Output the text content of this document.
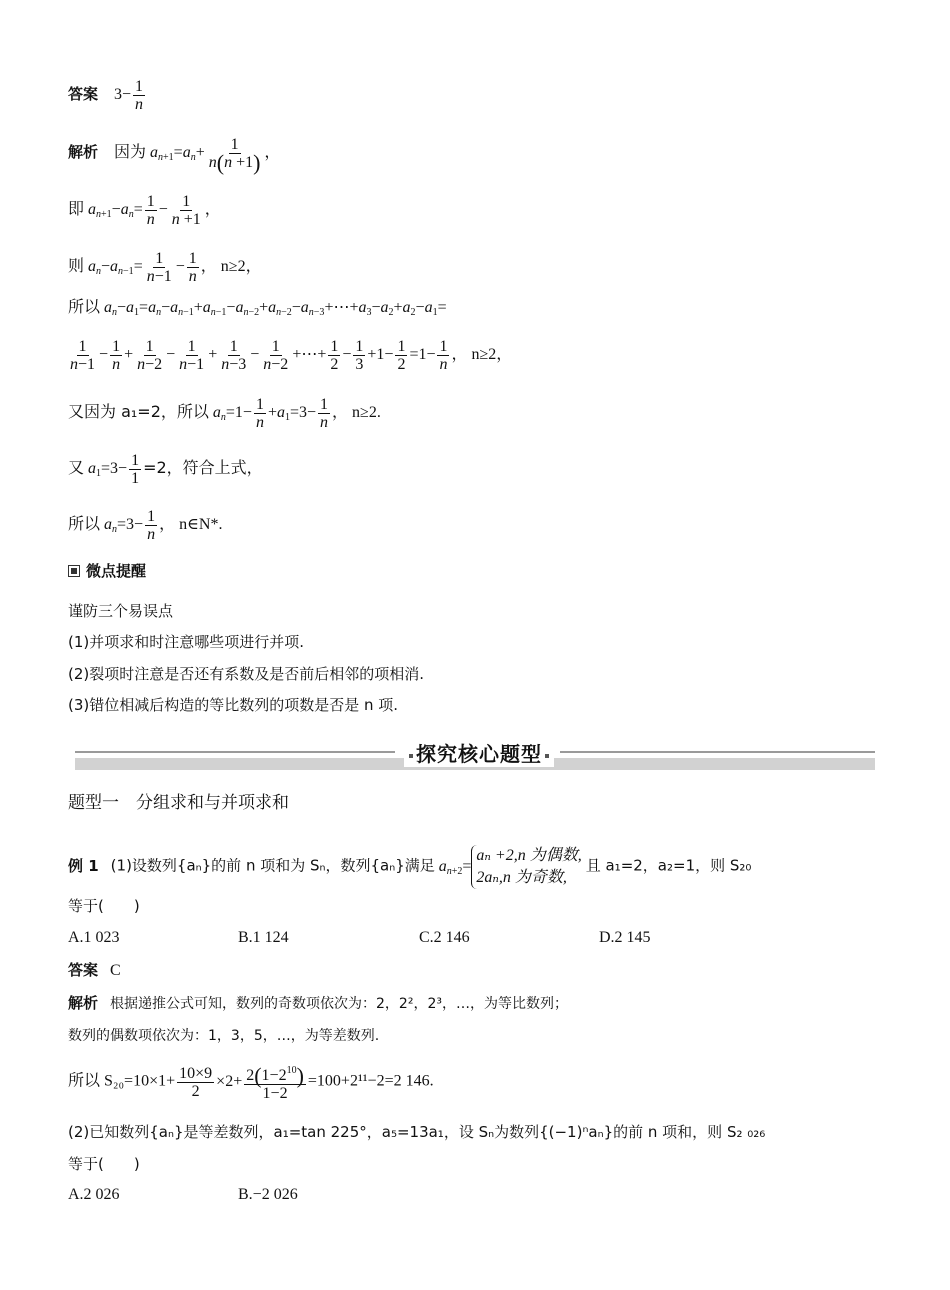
答案 $3- \frac{1}{n}$
解析 因为 $a_{n+1}=a_n+ \frac{1}{n(n +1)}$ ，
即 $a_{n+1}-a_n= \frac{1}{n} - \frac{1}{n +1}$ ，
则 $a_n-a_{n-1}= \frac{1}{n-1} - \frac{1}{n}$ ， n≥2，
所以 $a_n-a_1=a_n-a_{n-1}+a_{n-1}-a_{n-2}+a_{n-2}-a_{n-3}+\cdots+a_3-a_2+a_2-a_1=$
$\frac{1}{n-1} - \frac{1}{n} + \frac{1}{n-2} - \frac{1}{n-1} + \frac{1}{n-3} - \frac{1}{n-2}$ +⋯+ $\frac{1}{2} - \frac{1}{3} +1- \frac{1}{2} =1- \frac{1}{n}$ ， n≥2，
又因为 a₁=2，所以 $a_n=1- \frac{1}{n} +a_1=3- \frac{1}{n}$ ， n≥2.
又 $a_1=3- \frac{1}{1} =2$，符合上式，
所以 $a_n=3- \frac{1}{n}$ ， n∈N*.
微点提醒
谨防三个易误点
(1)并项求和时注意哪些项进行并项.
(2)裂项时注意是否还有系数及是否前后相邻的项相消.
(3)错位相减后构造的等比数列的项数是否是 n 项.
探究核心题型
题型一　分组求和与并项求和
例 1 (1)设数列{aₙ}的前 n 项和为 Sₙ，数列{aₙ}满足 $a_{n+2}=a_n +2,n$ 为偶数,
2aₙ,n 为奇数, 且 a₁=2，a₂=1，则 S₂₀
等于(　　)
A.1 023	B.1 124	C.2 146	D.2 145
答案 C
解析 根据递推公式可知，数列的奇数项依次为：2，2²，2³，…，为等比数列；
数列的偶数项依次为：1，3，5，…，为等差数列.
所以 $S_{20}=10\times 1+ \frac{10\times 9}{2} \times 2+ \frac{2(1-2^{10})}{1-2} =100+2^{11}-2=2$ 146.
(2)已知数列{aₙ}是等差数列，a₁=tan 225°，a₅=13a₁，设 Sₙ为数列{(−1)ⁿaₙ}的前 n 项和，则 S₂ ₀₂₆
等于(　　)
A.2 026	B.−2 026
